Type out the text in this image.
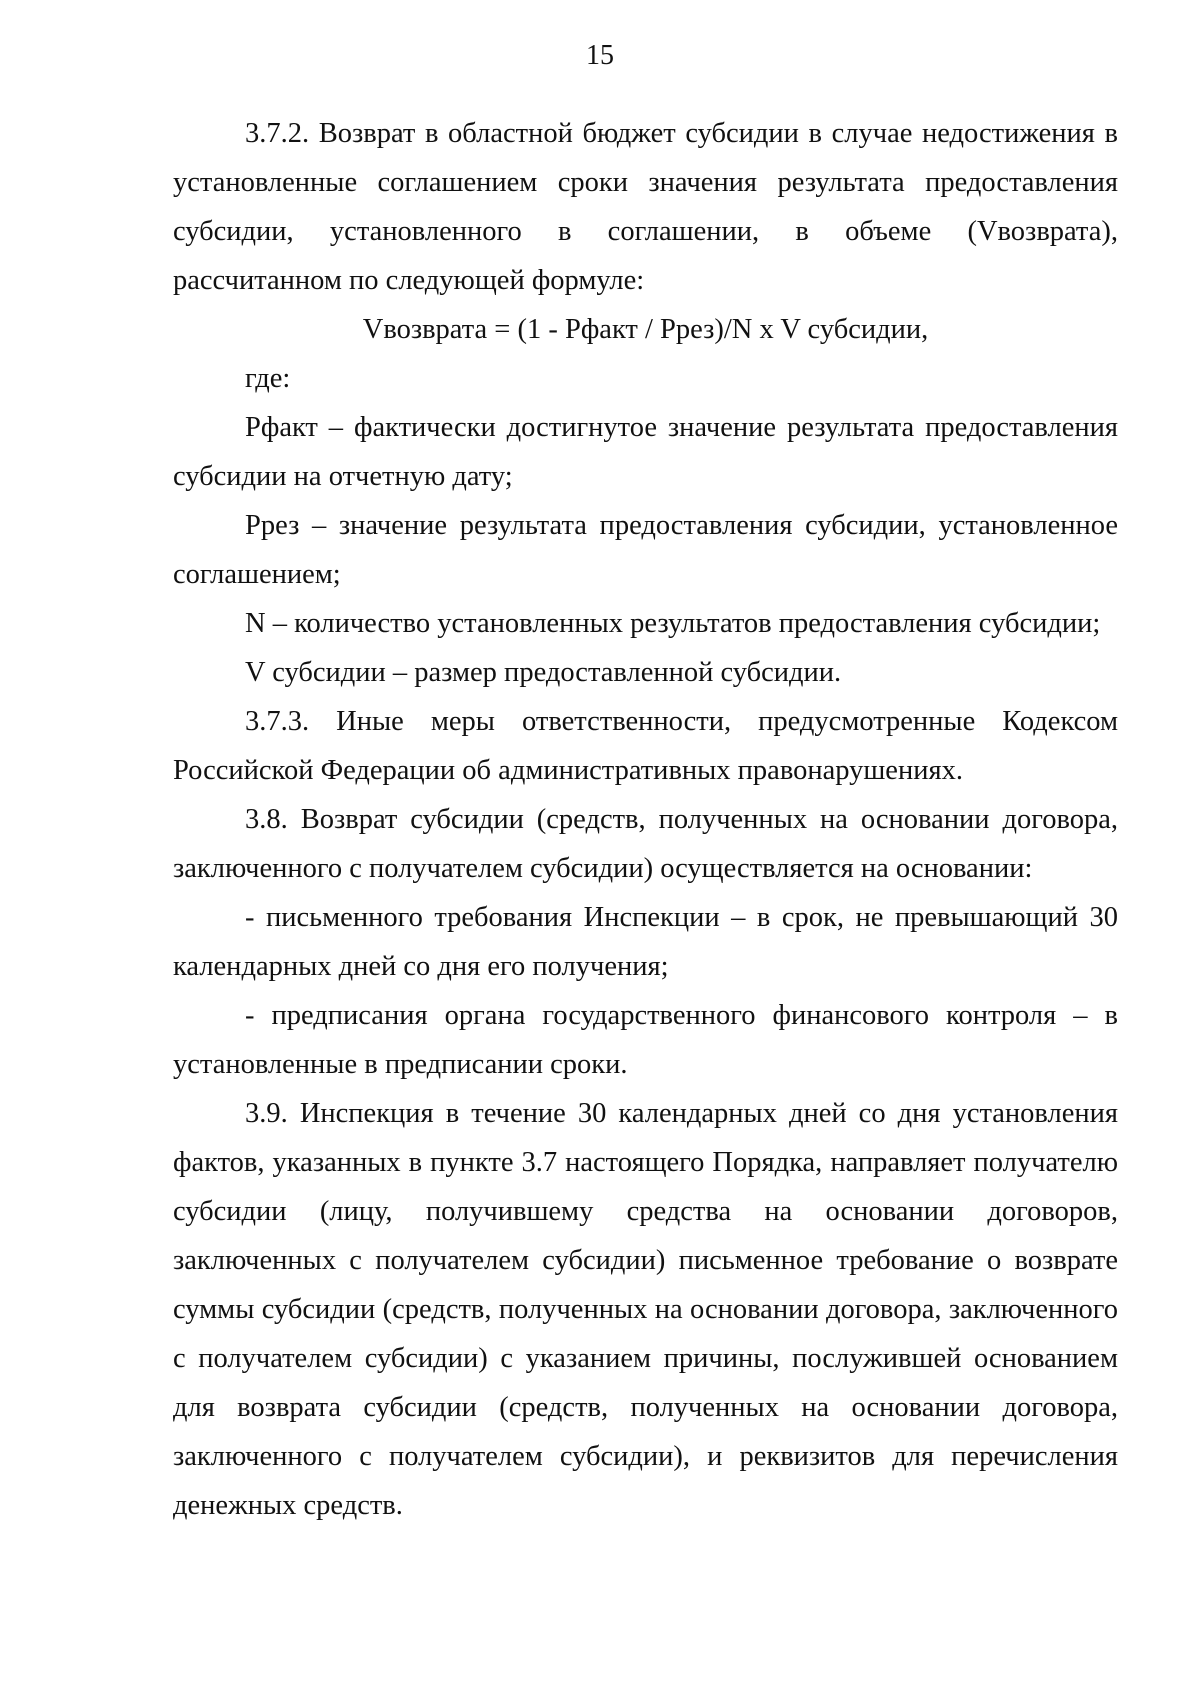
15

3.7.2. Возврат в областной бюджет субсидии в случае недостижения в установленные соглашением сроки значения результата предоставления субсидии, установленного в соглашении, в объеме (Vвозврата), рассчитанном по следующей формуле:

Vвозврата = (1 - Pфакт / Pрез)/N x V субсидии,

где:

Pфакт – фактически достигнутое значение результата предоставления субсидии на отчетную дату;

Pрез – значение результата предоставления субсидии, установленное соглашением;

N – количество установленных результатов предоставления субсидии;

V субсидии – размер предоставленной субсидии.

3.7.3. Иные меры ответственности, предусмотренные Кодексом Российской Федерации об административных правонарушениях.

3.8. Возврат субсидии (средств, полученных на основании договора, заключенного с получателем субсидии) осуществляется на основании:

- письменного требования Инспекции – в срок, не превышающий 30 календарных дней со дня его получения;

- предписания органа государственного финансового контроля – в установленные в предписании сроки.

3.9. Инспекция в течение 30 календарных дней со дня установления фактов, указанных в пункте 3.7 настоящего Порядка, направляет получателю субсидии (лицу, получившему средства на основании договоров, заключенных с получателем субсидии) письменное требование о возврате суммы субсидии (средств, полученных на основании договора, заключенного с получателем субсидии) с указанием причины, послужившей основанием для возврата субсидии (средств, полученных на основании договора, заключенного с получателем субсидии), и реквизитов для перечисления денежных средств.
